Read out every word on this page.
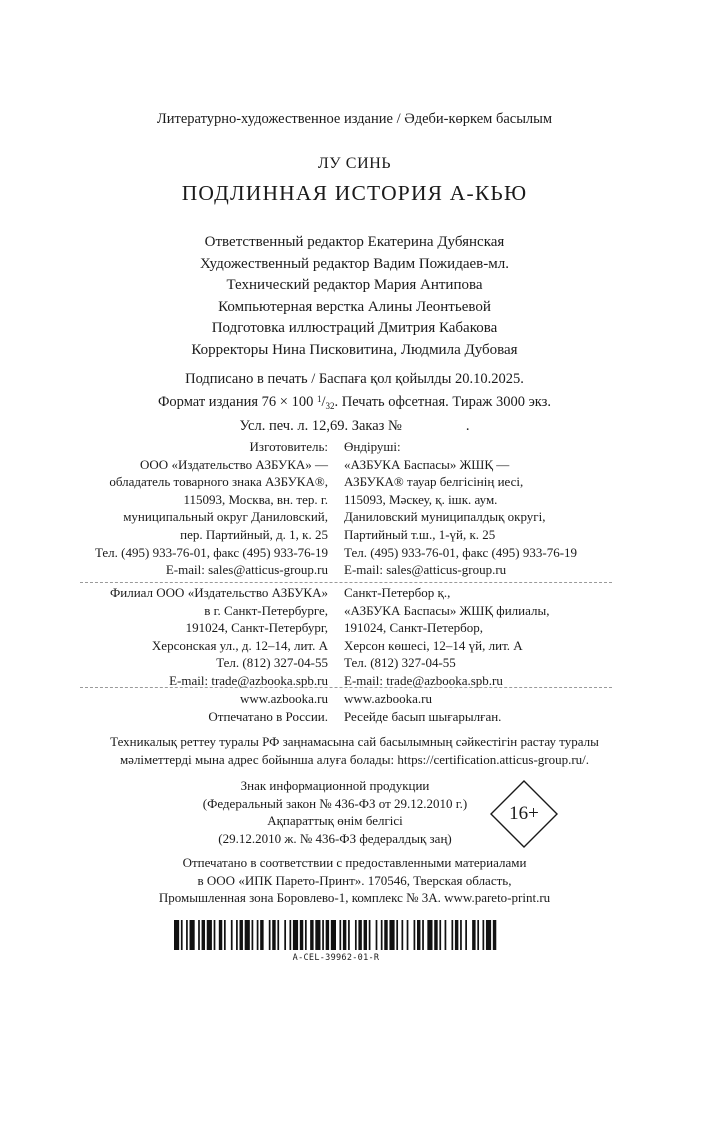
Литературно-художественное издание / Әдеби-көркем басылым
ЛУ СИНЬ
ПОДЛИННАЯ ИСТОРИЯ А-КЬЮ
Ответственный редактор Екатерина Дубянская
Художественный редактор Вадим Пожидаев-мл.
Технический редактор Мария Антипова
Компьютерная верстка Алины Леонтьевой
Подготовка иллюстраций Дмитрия Кабакова
Корректоры Нина Писковитина, Людмила Дубовая
Подписано в печать / Баспаға қол қойылды 20.10.2025.
Формат издания 76 × 100 $^1/_{32}$. Печать офсетная. Тираж 3000 экз.
Усл. печ. л. 12,69. Заказ №	.
Изготовитель:
ООО «Издательство АЗБУКА» —
обладатель товарного знака АЗБУКА®,
115093, Москва, вн. тер. г.
муниципальный округ Даниловский,
пер. Партийный, д. 1, к. 25
Тел. (495) 933-76-01, факс (495) 933-76-19
E-mail: sales@atticus-group.ru
Өндіруші:
«АЗБУКА Баспасы» ЖШҚ —
АЗБУКА® тауар белгісінің иесі,
115093, Мәскеу, қ. ішк. аум.
Даниловский муниципалдық округі,
Партийный т.ш., 1-үй, к. 25
Тел. (495) 933-76-01, факс (495) 933-76-19
E-mail: sales@atticus-group.ru
Филиал ООО «Издательство АЗБУКА»
в г. Санкт-Петербурге,
191024, Санкт-Петербург,
Херсонская ул., д. 12–14, лит. А
Тел. (812) 327-04-55
E-mail: trade@azbooka.spb.ru
Санкт-Петербор қ.,
«АЗБУКА Баспасы» ЖШҚ филиалы,
191024, Санкт-Петербор,
Херсон көшесі, 12–14 үй, лит. А
Тел. (812) 327-04-55
E-mail: trade@azbooka.spb.ru
www.azbooka.ru
Отпечатано в России.
www.azbooka.ru
Ресейде басып шығарылған.
Техникалық реттеу туралы РФ заңнамасына сай басылымның сәйкестігін растау туралы
мәліметтерді мына адрес бойынша алуға болады: https://certification.atticus-group.ru/.
Знак информационной продукции
(Федеральный закон № 436-ФЗ от 29.12.2010 г.)
Ақпараттық өнім белгісі
(29.12.2010 ж. № 436-ФЗ федералдық заң)
16+
Отпечатано в соответствии с предоставленными материалами
в ООО «ИПК Парето-Принт». 170546, Тверская область,
Промышленная зона Боровлево-1, комплекс № 3А. www.pareto-print.ru
A-CEL-39962-01-R
